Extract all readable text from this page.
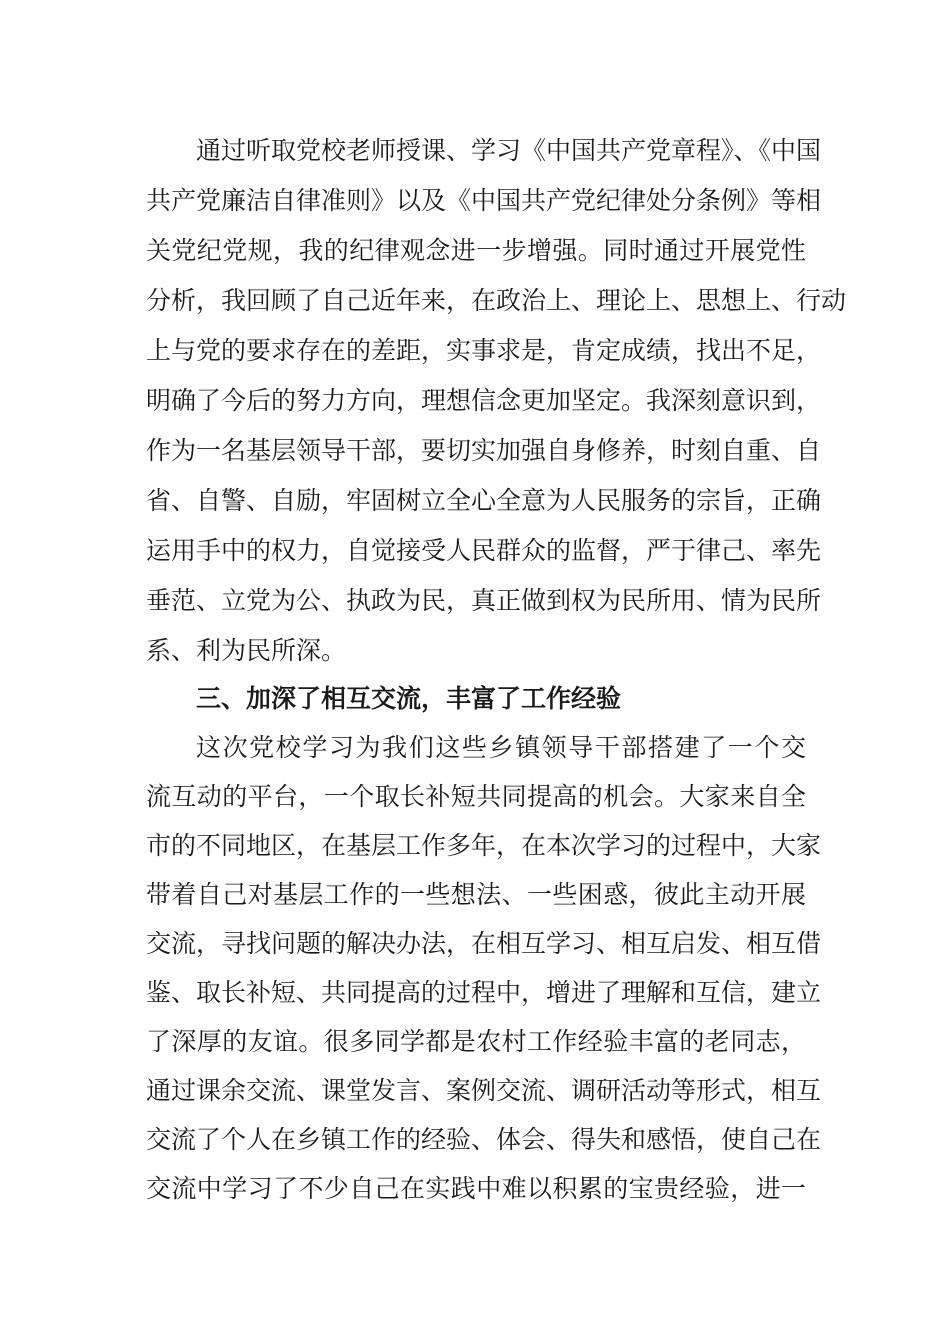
通过听取党校老师授课、学习《中国共产党章程》、《中国
共产党廉洁自律准则》以及《中国共产党纪律处分条例》等相
关党纪党规，我的纪律观念进一步增强。同时通过开展党性
分析，我回顾了自己近年来，在政治上、理论上、思想上、行动
上与党的要求存在的差距，实事求是，肯定成绩，找出不足，
明确了今后的努力方向，理想信念更加坚定。我深刻意识到，
作为一名基层领导干部，要切实加强自身修养，时刻自重、自
省、自警、自励，牢固树立全心全意为人民服务的宗旨，正确
运用手中的权力，自觉接受人民群众的监督，严于律己、率先
垂范、立党为公、执政为民，真正做到权为民所用、情为民所
系、利为民所深。
三、加深了相互交流，丰富了工作经验
这次党校学习为我们这些乡镇领导干部搭建了一个交
流互动的平台，一个取长补短共同提高的机会。大家来自全
市的不同地区，在基层工作多年，在本次学习的过程中，大家
带着自己对基层工作的一些想法、一些困惑，彼此主动开展
交流，寻找问题的解决办法，在相互学习、相互启发、相互借
鉴、取长补短、共同提高的过程中，增进了理解和互信，建立
了深厚的友谊。很多同学都是农村工作经验丰富的老同志，
通过课余交流、课堂发言、案例交流、调研活动等形式，相互
交流了个人在乡镇工作的经验、体会、得失和感悟，使自己在
交流中学习了不少自己在实践中难以积累的宝贵经验，进一
